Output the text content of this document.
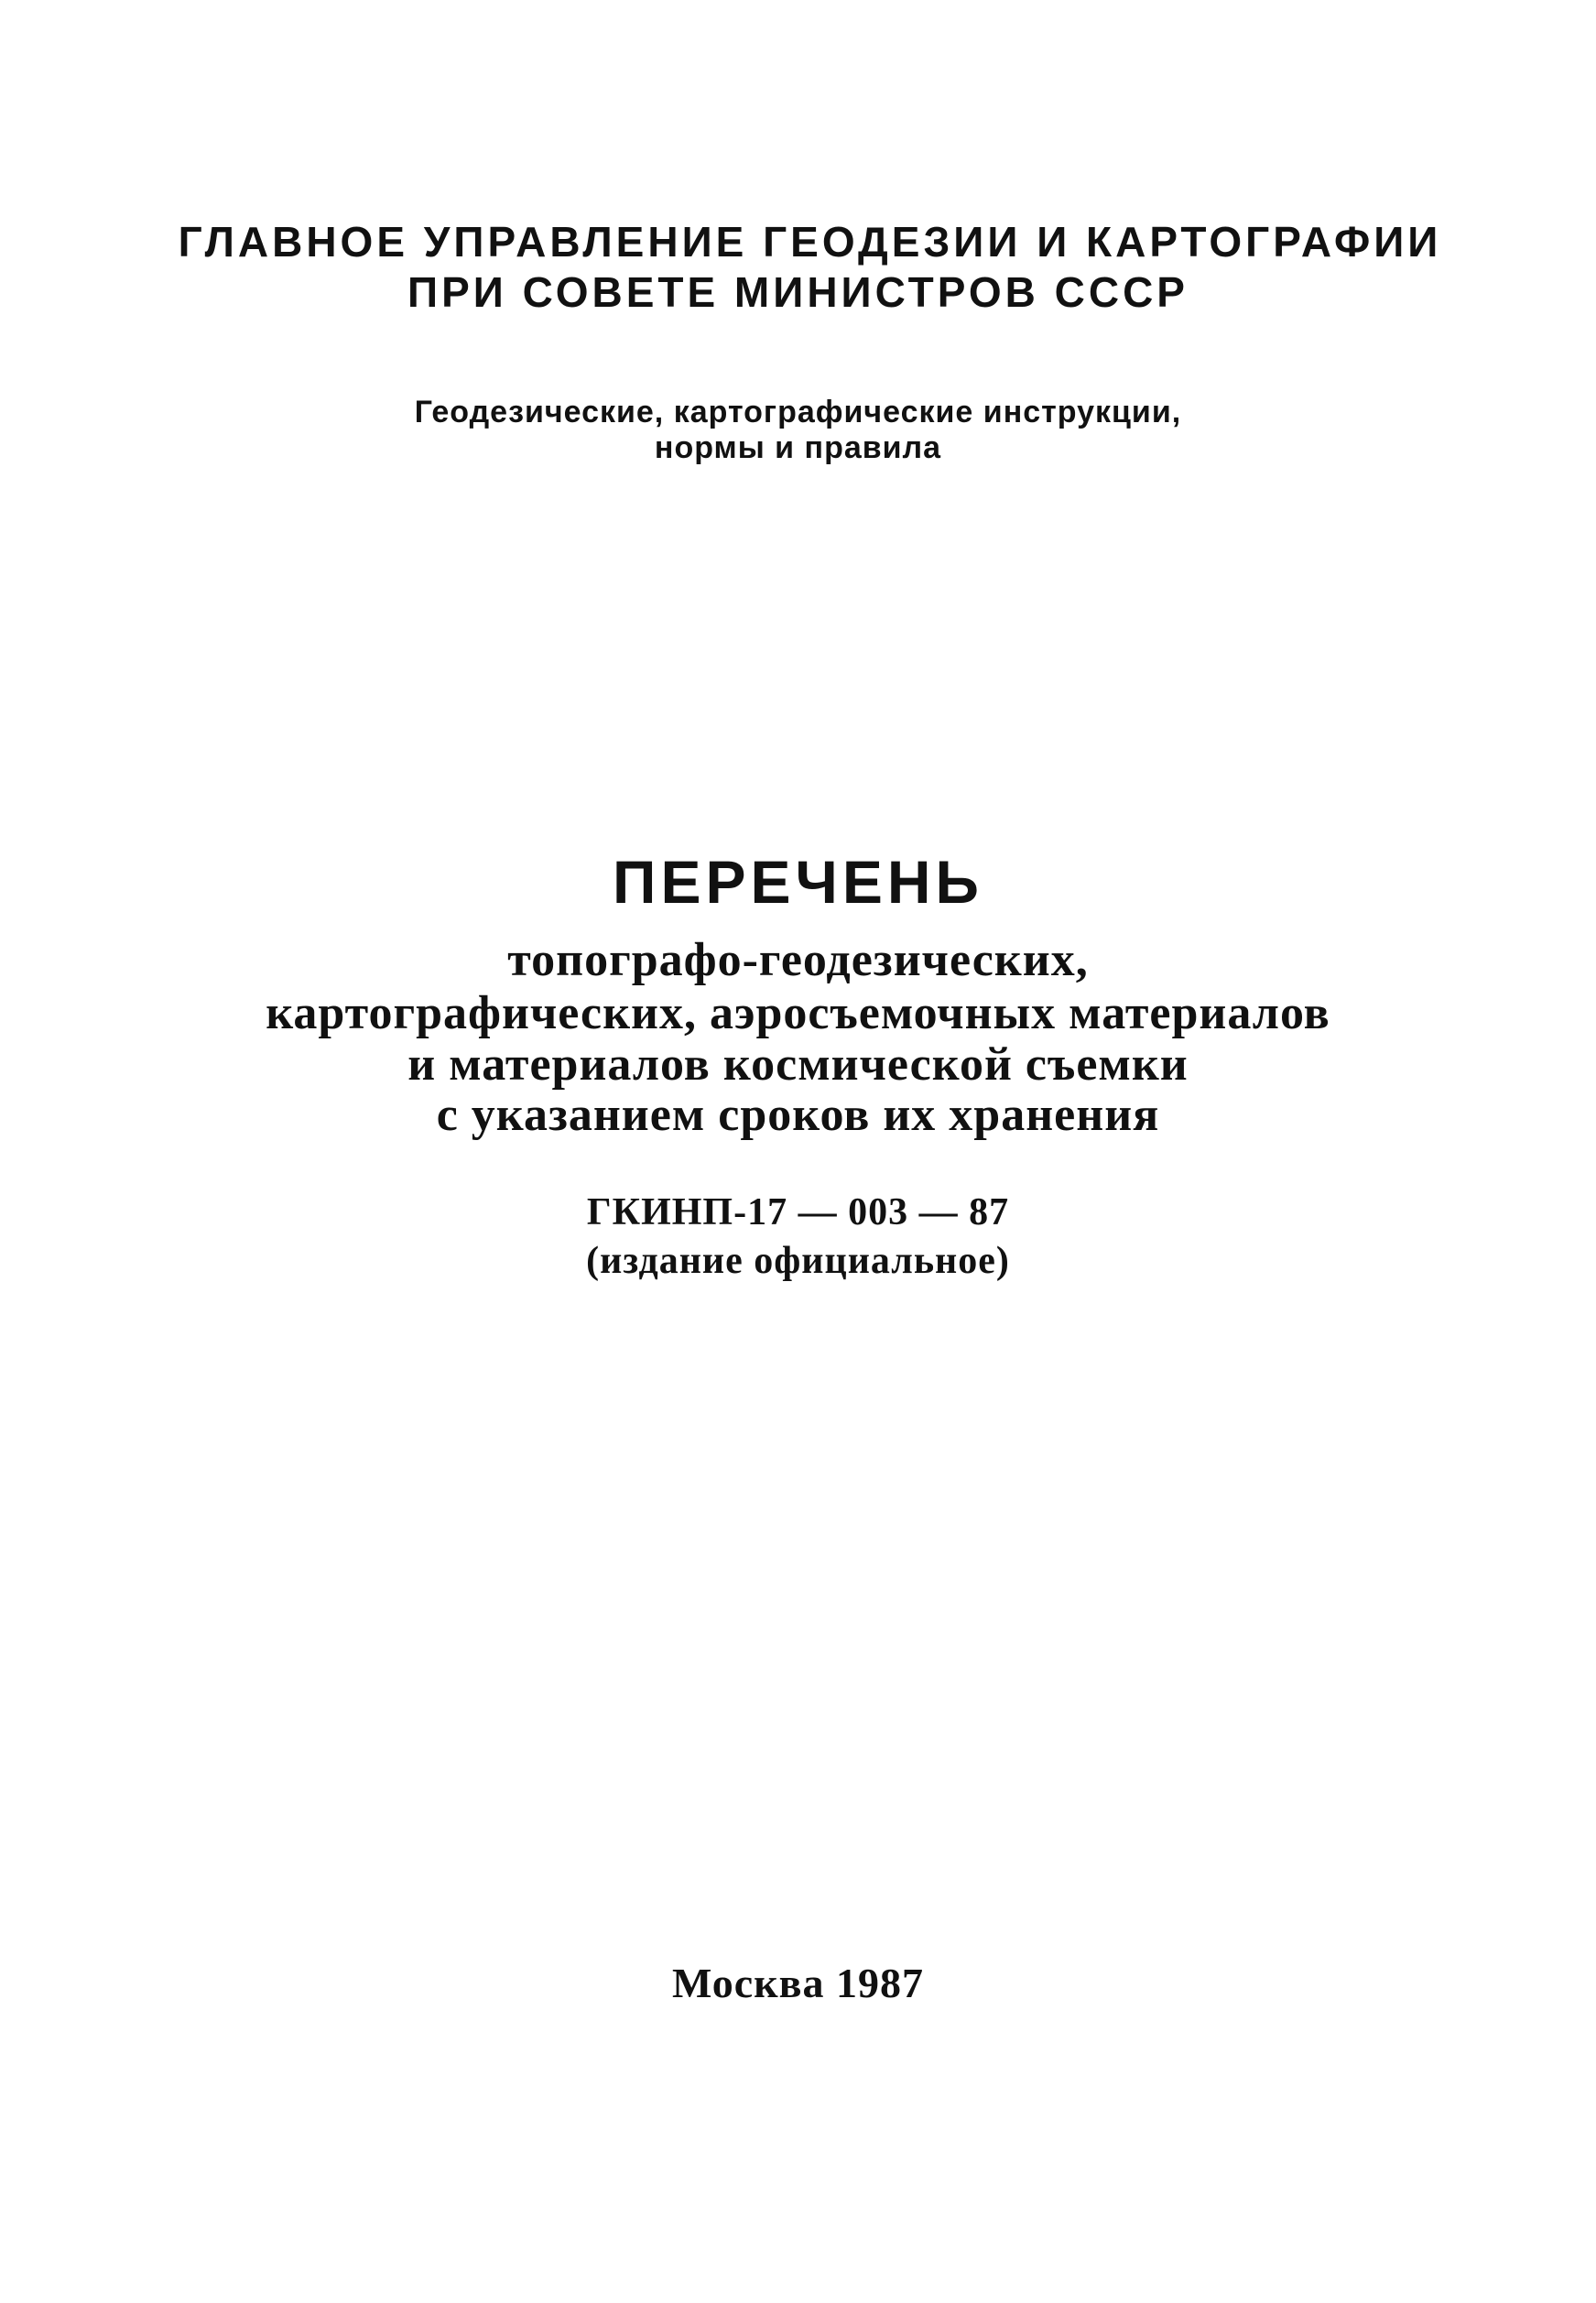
ГЛАВНОЕ УПРАВЛЕНИЕ ГЕОДЕЗИИ И КАРТОГРАФИИ
ПРИ СОВЕТЕ МИНИСТРОВ СССР
Геодезические, картографические инструкции,
нормы и правила
ПЕРЕЧЕНЬ
топографо-геодезических,
картографических, аэросъемочных материалов
и материалов космической съемки
с указанием сроков их хранения
ГКИНП-17 — 003 — 87
(издание официальное)
Москва 1987
